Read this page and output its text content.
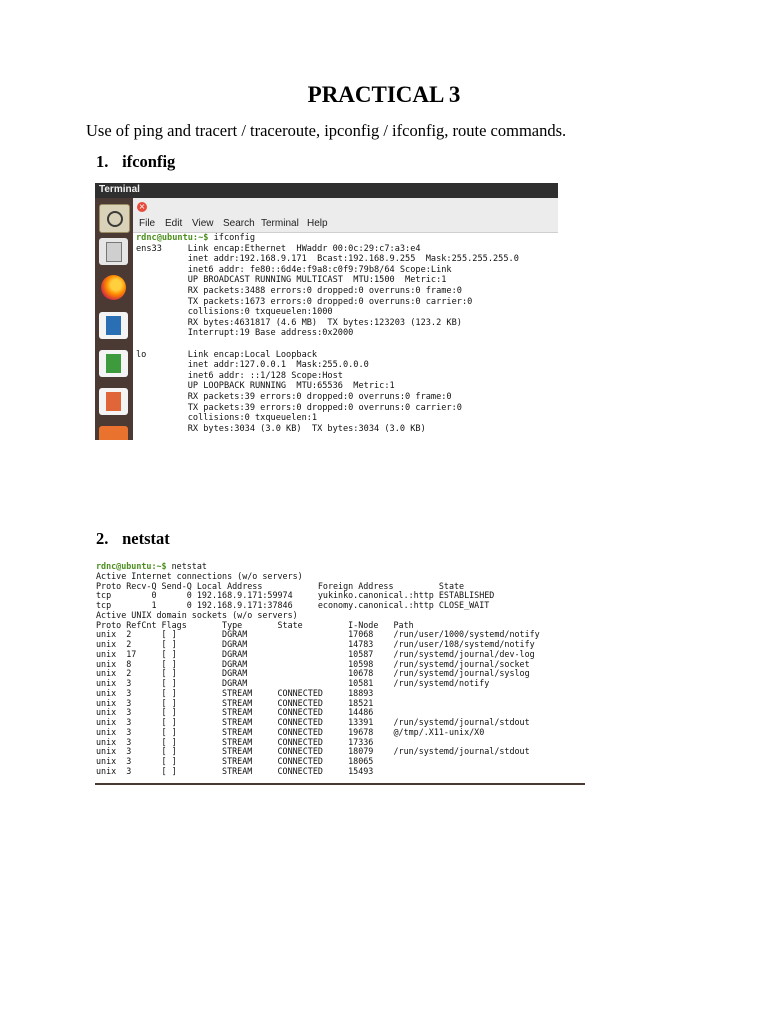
PRACTICAL 3
Use of ping and tracert / traceroute, ipconfig / ifconfig, route commands.
1. ifconfig
Terminal
×
File Edit View Search Terminal Help
rdnc@ubuntu:~$ ifconfig
ens33     Link encap:Ethernet  HWaddr 00:0c:29:c7:a3:e4
inet addr:192.168.9.171  Bcast:192.168.9.255  Mask:255.255.255.0
inet6 addr: fe80::6d4e:f9a8:c0f9:79b8/64 Scope:Link
UP BROADCAST RUNNING MULTICAST  MTU:1500  Metric:1
RX packets:3488 errors:0 dropped:0 overruns:0 frame:0
TX packets:1673 errors:0 dropped:0 overruns:0 carrier:0
collisions:0 txqueuelen:1000
RX bytes:4631817 (4.6 MB)  TX bytes:123203 (123.2 KB)
Interrupt:19 Base address:0x2000

lo        Link encap:Local Loopback
inet addr:127.0.0.1  Mask:255.0.0.0
inet6 addr: ::1/128 Scope:Host
UP LOOPBACK RUNNING  MTU:65536  Metric:1
RX packets:39 errors:0 dropped:0 overruns:0 frame:0
TX packets:39 errors:0 dropped:0 overruns:0 carrier:0
collisions:0 txqueuelen:1
RX bytes:3034 (3.0 KB)  TX bytes:3034 (3.0 KB)
2. netstat
rdnc@ubuntu:~$ netstat
Active Internet connections (w/o servers)
Proto Recv-Q Send-Q Local Address           Foreign Address         State
tcp        0      0 192.168.9.171:59974     yukinko.canonical.:http ESTABLISHED
tcp        1      0 192.168.9.171:37846     economy.canonical.:http CLOSE_WAIT
Active UNIX domain sockets (w/o servers)
Proto RefCnt Flags       Type       State         I-Node   Path
unix  2      [ ]         DGRAM                    17068    /run/user/1000/systemd/notify
unix  2      [ ]         DGRAM                    14783    /run/user/108/systemd/notify
unix  17     [ ]         DGRAM                    10587    /run/systemd/journal/dev-log
unix  8      [ ]         DGRAM                    10598    /run/systemd/journal/socket
unix  2      [ ]         DGRAM                    10678    /run/systemd/journal/syslog
unix  3      [ ]         DGRAM                    10581    /run/systemd/notify
unix  3      [ ]         STREAM     CONNECTED     18893
unix  3      [ ]         STREAM     CONNECTED     18521
unix  3      [ ]         STREAM     CONNECTED     14486
unix  3      [ ]         STREAM     CONNECTED     13391    /run/systemd/journal/stdout
unix  3      [ ]         STREAM     CONNECTED     19678    @/tmp/.X11-unix/X0
unix  3      [ ]         STREAM     CONNECTED     17336
unix  3      [ ]         STREAM     CONNECTED     18079    /run/systemd/journal/stdout
unix  3      [ ]         STREAM     CONNECTED     18065
unix  3      [ ]         STREAM     CONNECTED     15493
